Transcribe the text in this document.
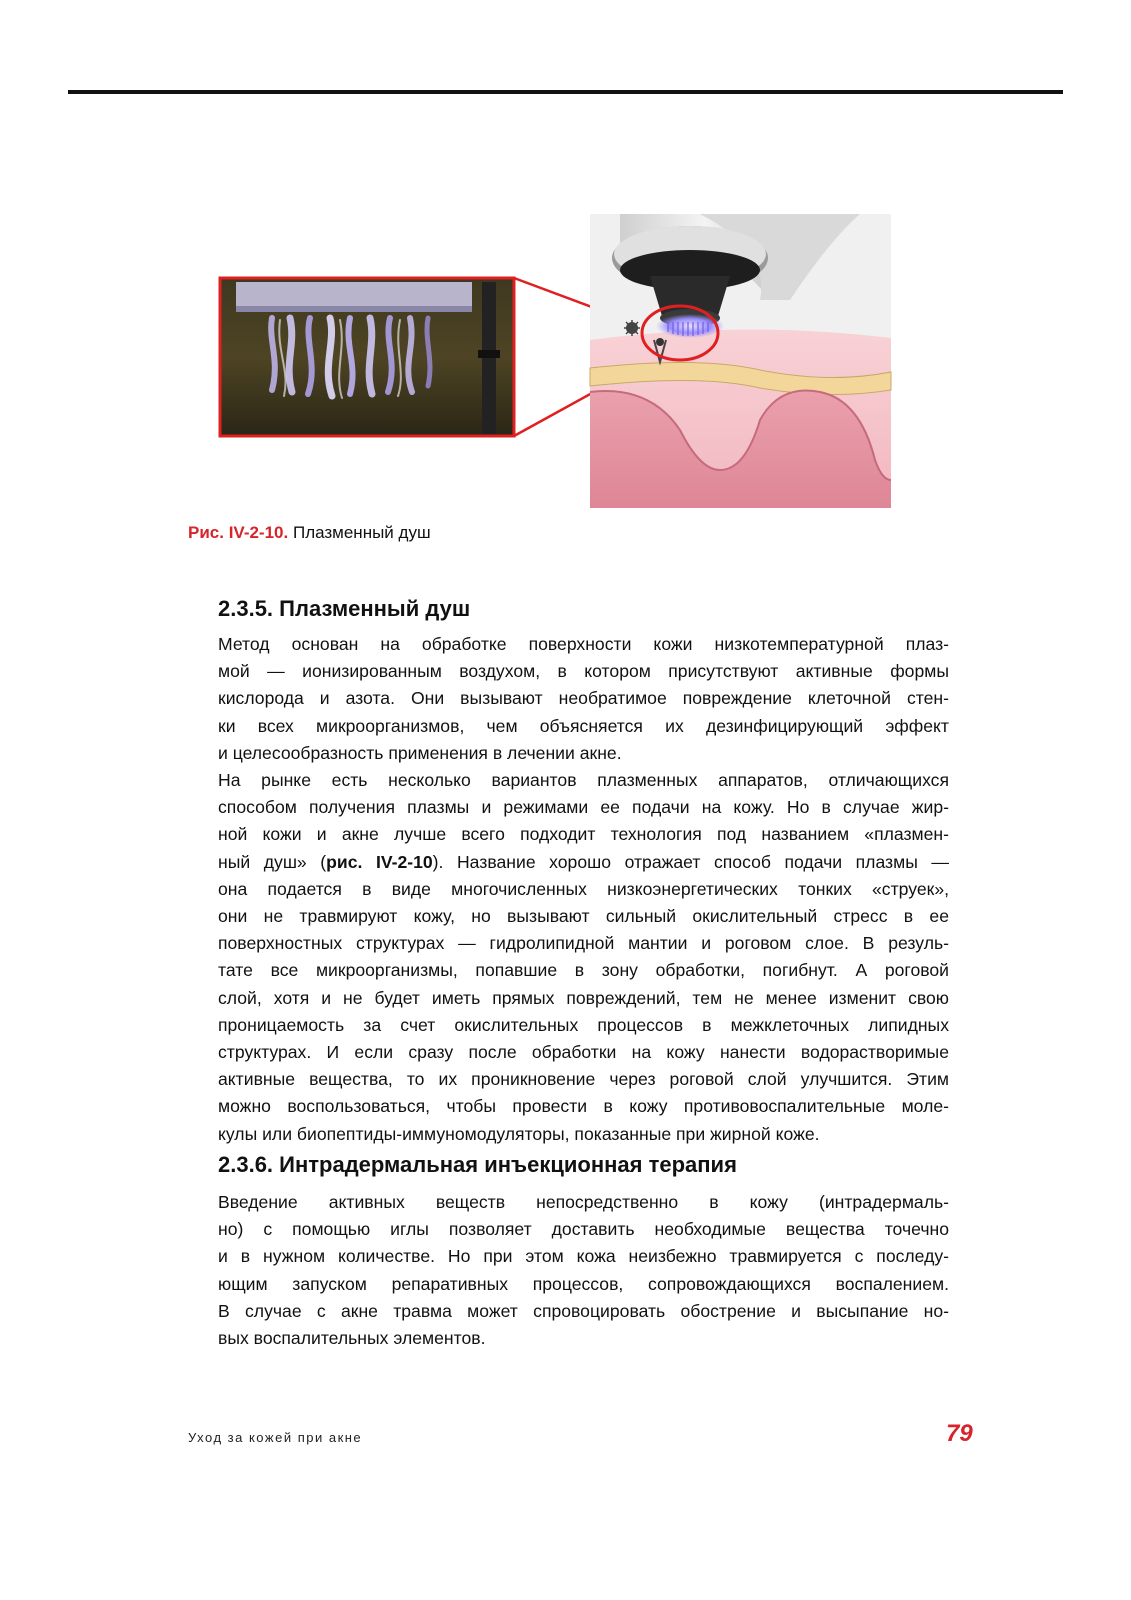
Рис. IV-2-10. Плазменный душ
2.3.5. Плазменный душ
Метод основан на обработке поверхности кожи низкотемпературной плаз-
мой — ионизированным воздухом, в котором присутствуют активные формы
кислорода и азота. Они вызывают необратимое повреждение клеточной стен-
ки всех микроорганизмов, чем объясняется их дезинфицирующий эффект
и целесообразность применения в лечении акне.
На рынке есть несколько вариантов плазменных аппаратов, отличающихся
способом получения плазмы и режимами ее подачи на кожу. Но в случае жир-
ной кожи и акне лучше всего подходит технология под названием «плазмен-
ный душ» (рис. IV-2-10). Название хорошо отражает способ подачи плазмы —
она подается в виде многочисленных низкоэнергетических тонких «струек»,
они не травмируют кожу, но вызывают сильный окислительный стресс в ее
поверхностных структурах — гидролипидной мантии и роговом слое. В резуль-
тате все микроорганизмы, попавшие в зону обработки, погибнут. А роговой
слой, хотя и не будет иметь прямых повреждений, тем не менее изменит свою
проницаемость за счет окислительных процессов в межклеточных липидных
структурах. И если сразу после обработки на кожу нанести водорастворимые
активные вещества, то их проникновение через роговой слой улучшится. Этим
можно воспользоваться, чтобы провести в кожу противовоспалительные моле-
кулы или биопептиды-иммуномодуляторы, показанные при жирной коже.
2.3.6. Интрадермальная инъекционная терапия
Введение активных веществ непосредственно в кожу (интрадермаль-
но) с помощью иглы позволяет доставить необходимые вещества точечно
и в нужном количестве. Но при этом кожа неизбежно травмируется с последу-
ющим запуском репаративных процессов, сопровождающихся воспалением.
В случае с акне травма может спровоцировать обострение и высыпание но-
вых воспалительных элементов.
Уход за кожей при акне	79
